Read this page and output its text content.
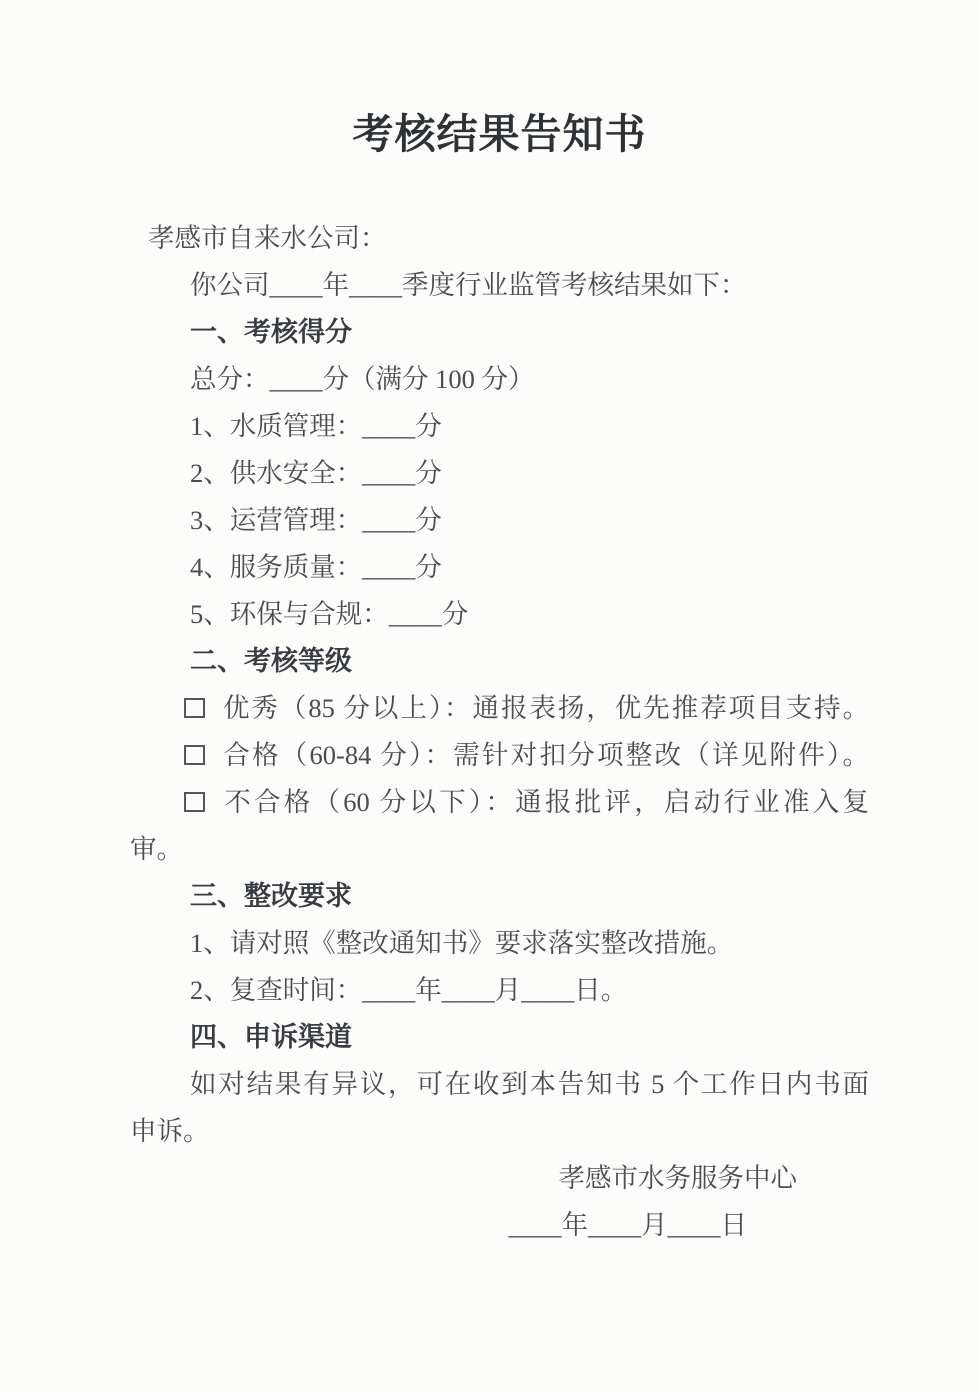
考核结果告知书

孝感市自来水公司：

你公司____年____季度行业监管考核结果如下：

一、考核得分

总分：____分（满分 100 分）

1、水质管理：____分

2、供水安全：____分

3、运营管理：____分

4、服务质量：____分

5、环保与合规：____分

二、考核等级

优秀（85 分以上）：通报表扬，优先推荐项目支持。

合格（60-84 分）：需针对扣分项整改（详见附件）。

不合格（60 分以下）：通报批评，启动行业准入复

审。

三、整改要求

1、请对照《整改通知书》要求落实整改措施。

2、复查时间：____年____月____日。

四、申诉渠道

如对结果有异议，可在收到本告知书 5 个工作日内书面

申诉。

孝感市水务服务中心

____年____月____日
